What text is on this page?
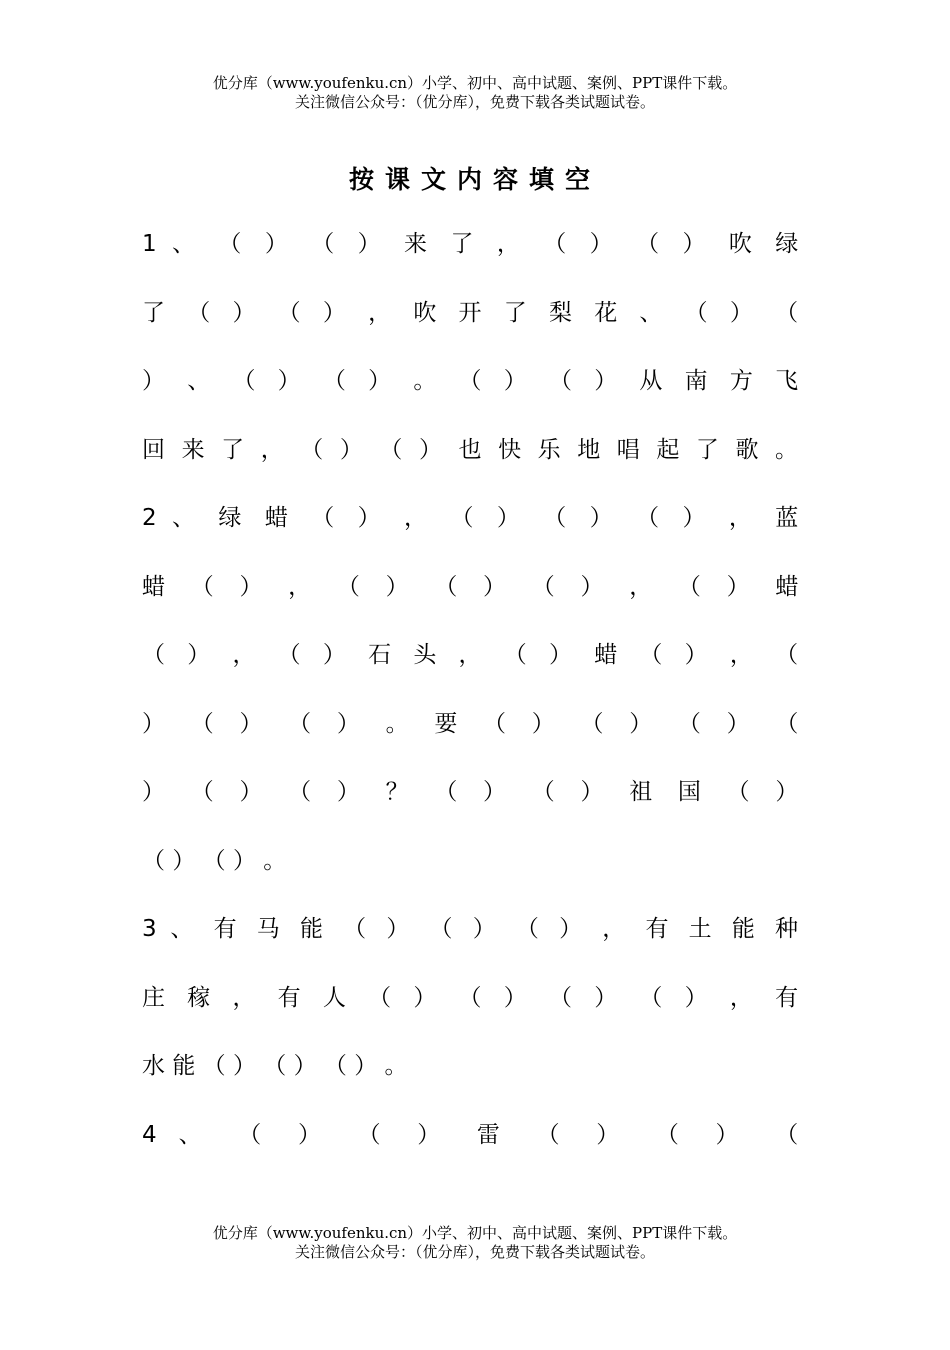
优分库（www.youfenku.cn）小学、初中、高中试题、案例、PPT课件下载。
关注微信公众号：（优分库），免费下载各类试题试卷。
按课文内容填空
1 、 （ ） （ ） 来 了 ， （ ） （ ） 吹 绿
了 （ ） （ ） ， 吹 开 了 梨 花 、 （ ） （
） 、 （ ） （ ） 。 （ ） （ ） 从 南 方 飞
回 来 了 ， （ ） （ ） 也 快 乐 地 唱 起 了 歌 。
2 、 绿 蜡 （ ） ， （ ） （ ） （ ） ， 蓝
蜡 （ ） ， （ ） （ ） （ ） ， （ ） 蜡
（ ） ， （ ） 石 头 ， （ ） 蜡 （ ） ， （
） （ ） （ ） 。 要 （ ） （ ） （ ） （
） （ ） （ ） ？ （ ） （ ） 祖 国 （ ）
（ ） （ ） 。
3 、 有 马 能 （ ） （ ） （ ） ， 有 土 能 种
庄 稼 ， 有 人 （ ） （ ） （ ） （ ） ， 有
水 能 （ ） （ ） （ ） 。
4 、 （ ） （ ） 雷 （ ） （ ） （
优分库（www.youfenku.cn）小学、初中、高中试题、案例、PPT课件下载。
关注微信公众号：（优分库），免费下载各类试题试卷。
